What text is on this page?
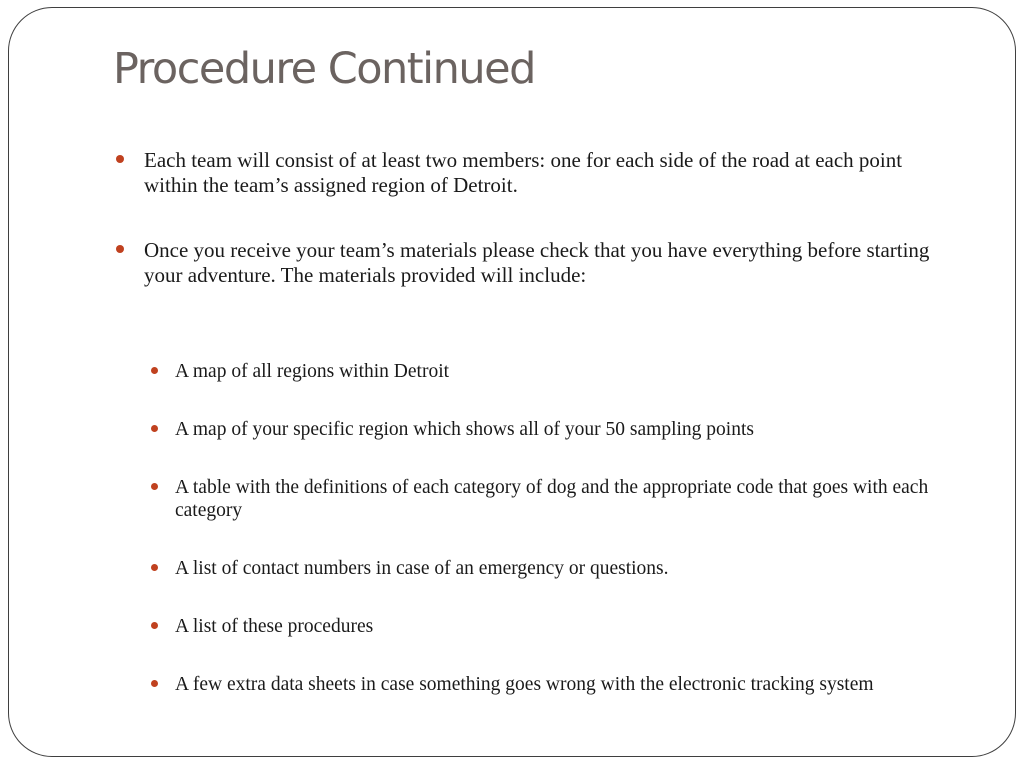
Procedure Continued
Each team will consist of at least two members: one for each side of the road at each point within the team’s assigned region of Detroit.
Once you receive your team’s materials please check that you have everything before starting your adventure. The materials provided will include:
A map of all regions within Detroit
A map of your specific region which shows all of your 50 sampling points
A table with the definitions of each category of dog and the appropriate code that goes with each category
A list of contact numbers in case of an emergency or questions.
A list of these procedures
A few extra data sheets in case something goes wrong with the electronic tracking system
